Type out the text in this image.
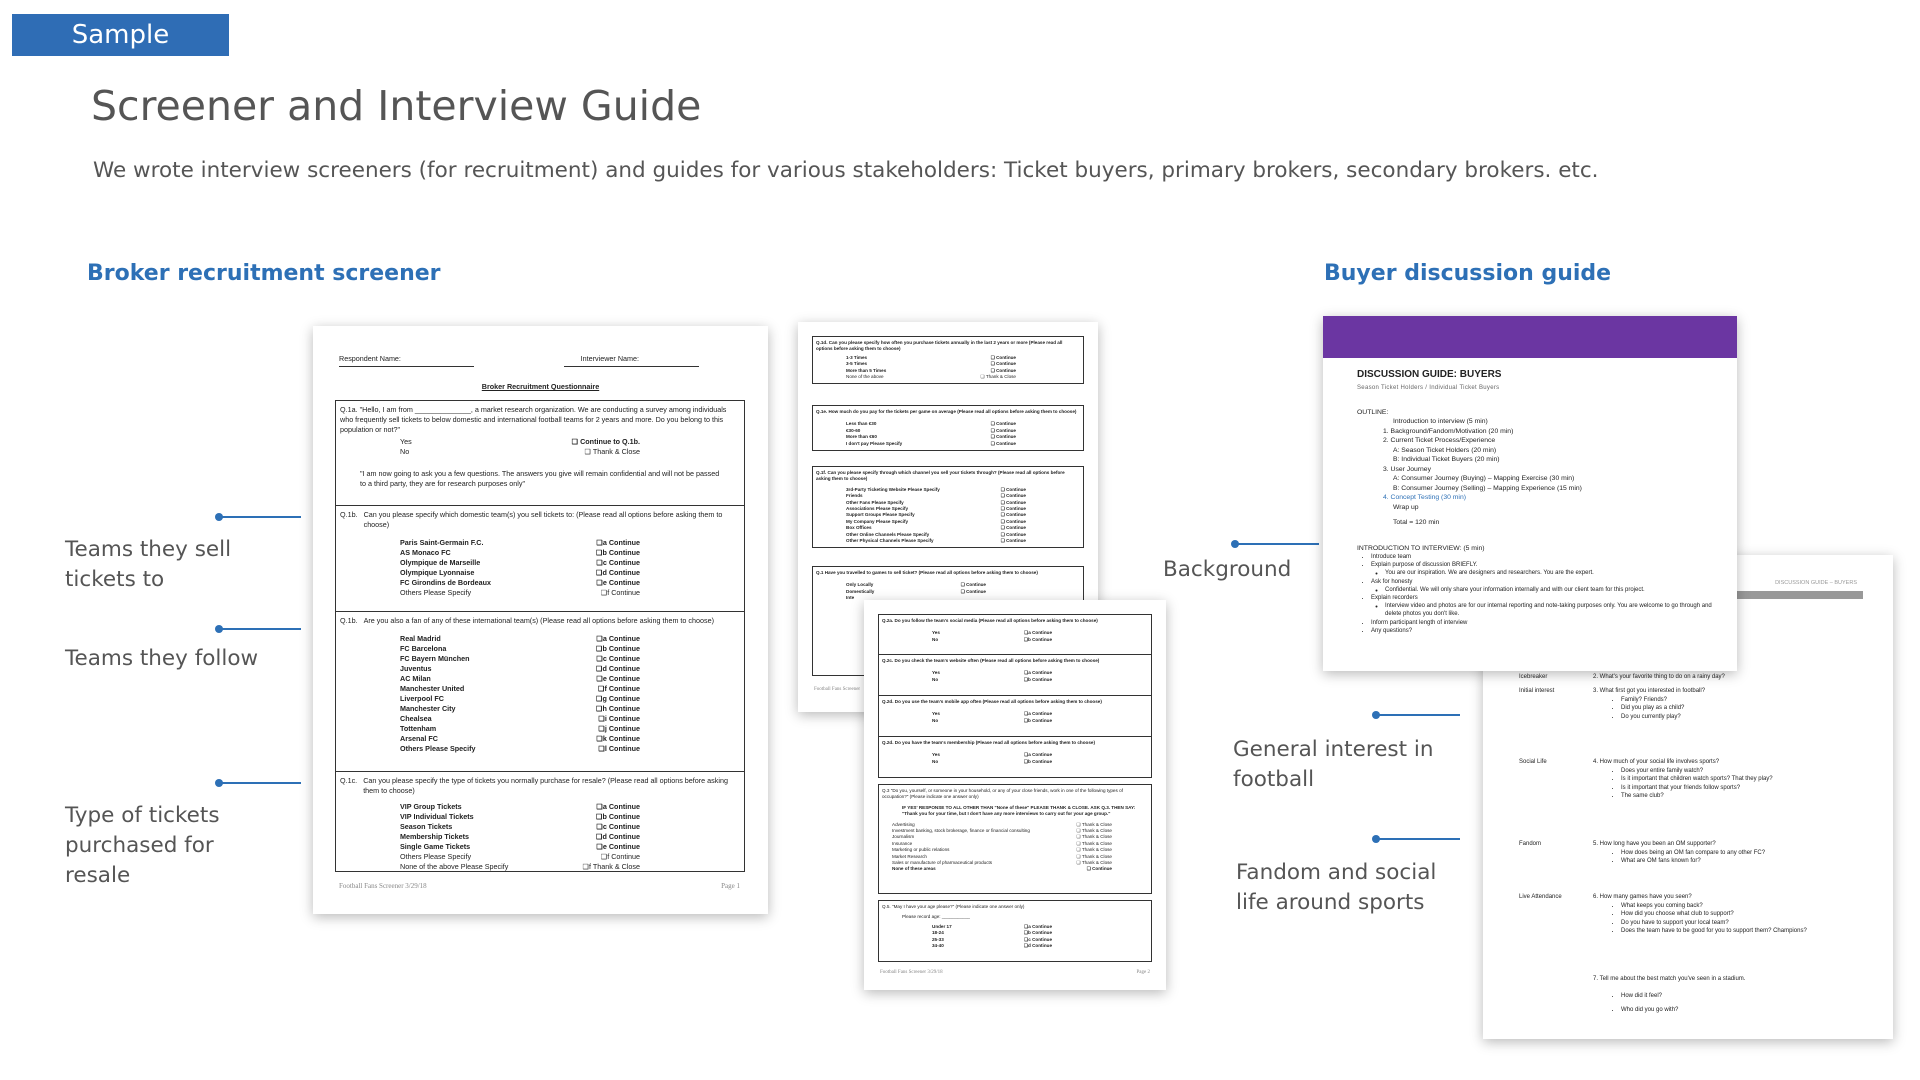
Sample
Screener and Interview Guide
We wrote interview screeners (for recruitment) and guides for various stakeholders: Ticket buyers, primary brokers, secondary brokers. etc.
Broker recruitment screener	Buyer discussion guide
Teams they sell tickets to
Teams they follow
Type of tickets purchased for resale
Background
General interest in football
Fandom and social life around sports
Respondent Name:	Interviewer Name:
Broker Recruitment Questionnaire
Q.1a. "Hello, I am from ______________, a market research organization. We are conducting a survey among individuals who frequently sell tickets to below domestic and international football teams for 2 years and more. Do you belong to this population or not?"
Yes	❑ Continue to Q.1b.
No	❑ Thank & Close
"I am now going to ask you a few questions. The answers you give will remain confidential and will not be passed to a third party, they are for research purposes only"
Q.1b. Can you please specify which domestic team(s) you sell tickets to: (Please read all options before asking them to choose)
Paris Saint-Germain F.C.	❑a Continue
AS Monaco FC	❑b Continue
Olympique de Marseille	❑c Continue
Olympique Lyonnaise	❑d Continue
FC Girondins de Bordeaux	❑e Continue
Others Please Specify	❑f Continue
Q.1b. Are you also a fan of any of these international team(s) (Please read all options before asking them to choose)
Real Madrid	❑a Continue
FC Barcelona	❑b Continue
FC Bayern München	❑c Continue
Juventus	❑d Continue
AC Milan	❑e Continue
Manchester United	❑f Continue
Liverpool FC	❑g Continue
Manchester City	❑h Continue
Chealsea	❑i Continue
Tottenham	❑j Continue
Arsenal FC	❑k Continue
Others Please Specify	❑l Continue
Q.1c. Can you please specify the type of tickets you normally purchase for resale? (Please read all options before asking them to choose)
VIP Group Tickets	❑a Continue
VIP Individual Tickets	❑b Continue
Season Tickets	❑c Continue
Membership Tickets	❑d Continue
Single Game Tickets	❑e Continue
Others Please Specify	❑f Continue
None of the above Please Specify	❑f Thank & Close
Football Fans Screener 3/29/18	Page 1
Q.1d. Can you please specify how often you purchase tickets annually in the last 2 years or more (Please read all options before asking them to choose)
1-3 Times	❑ Continue
3-5 Times	❑ Continue
More than 5 Times	❑ Continue
None of the above	❑ Thank & Close
Q.1e. How much do you pay for the tickets per game on average (Please read all options before asking them to choose)
Less than €30	❑ Continue
€30-60	❑ Continue
More than €60	❑ Continue
I don't pay Please Specify	❑ Continue
Q.1f. Can you please specify through which channel you sell your tickets through? (Please read all options before asking them to choose)
3rd-Party Ticketing Website Please Specify	❑ Continue
Friends	❑ Continue
Other Fans Please Specify	❑ Continue
Associations Please Specify	❑ Continue
Support Groups Please Specify	❑ Continue
My Company Please Specify	❑ Continue
Box Offices	❑ Continue
Other Online Channels Please Specify	❑ Continue
Other Physical Channels Please Specify	❑ Continue
Q.1 Have you travelled to games to sell ticket? (Please read all options before asking them to choose)
Only Locally	❑ Continue
Domestically	❑ Continue
Inte
Football Fans Screener
Q.2a. Do you follow the team's social media (Please read all options before asking them to choose)
Yes	❑a Continue
No	❑b Continue
Q.2c. Do you check the team's website often (Please read all options before asking them to choose)
Yes	❑a Continue
No	❑b Continue
Q.2d. Do you use the team's mobile app often (Please read all options before asking them to choose)
Yes	❑a Continue
No	❑b Continue
Q.2d. Do you have the team's membership (Please read all options before asking them to choose)
Yes	❑a Continue
No	❑b Continue
Q.3 "Do you, yourself, or someone in your household, or any of your close friends, work in one of the following types of occupation?" (Please indicate one answer only)
IF YES' RESPONSE TO ALL OTHER THAN "None of these" PLEASE THANK & CLOSE. ASK Q.3. THEN SAY: "Thank you for your time, but I don't have any more interviews to carry out for your age group."
Advertising	❑ Thank & Close
Investment banking, stock brokerage, finance or financial consulting	❑ Thank & Close
Journalism	❑ Thank & Close
Insurance	❑ Thank & Close
Marketing or public relations	❑ Thank & Close
Market Research	❑ Thank & Close
Sales or manufacture of pharmaceutical products	❑ Thank & Close
None of these areas	❑ Continue
Q.5. "May I have your age please?" (Please indicate one answer only)
Please record age: ___________
Under 17	❑a Continue
18-24	❑b Continue
25-33	❑c Continue
34-40	❑d Continue
Football Fans Screener 3/29/18	Page 2
DISCUSSION GUIDE – BUYERS
Icebreaker	2. What's your favorite thing to do on a rainy day?
Initial interest	3. What first got you interested in football?
• Family? Friends?
• Did you play as a child?
• Do you currently play?
Social Life	4. How much of your social life involves sports?
• Does your entire family watch?
• Is it important that children watch sports? That they play?
• Is it important that your friends follow sports?
• The same club?
Fandom	5. How long have you been an OM supporter?
• How does being an OM fan compare to any other FC?
• What are OM fans known for?
Live Attendance	6. How many games have you seen?
• What keeps you coming back?
• How did you choose what club to support?
• Do you have to support your local team?
• Does the team have to be good for you to support them? Champions?
7. Tell me about the best match you've seen in a stadium.
• How did it feel?
• Who did you go with?
DISCUSSION GUIDE: BUYERS
Season Ticket Holders / Individual Ticket Buyers
OUTLINE:
Introduction to interview (5 min)
1. Background/Fandom/Motivation (20 min)
2. Current Ticket Process/Experience
A: Season Ticket Holders (20 min)
B: Individual Ticket Buyers (20 min)
3. User Journey
A: Consumer Journey (Buying) – Mapping Exercise (30 min)
B: Consumer Journey (Selling) – Mapping Experience (15 min)
4. Concept Testing (30 min)
Wrap up
Total = 120 min
INTRODUCTION TO INTERVIEW: (5 min)
• Introduce team
• Explain purpose of discussion BRIEFLY.
◦ You are our inspiration. We are designers and researchers. You are the expert.
• Ask for honesty
◦ Confidential. We will only share your information internally and with our client team for this project.
• Explain recorders
◦ Interview video and photos are for our internal reporting and note-taking purposes only. You are welcome to go through and delete photos you don't like.
• Inform participant length of interview
• Any questions?
